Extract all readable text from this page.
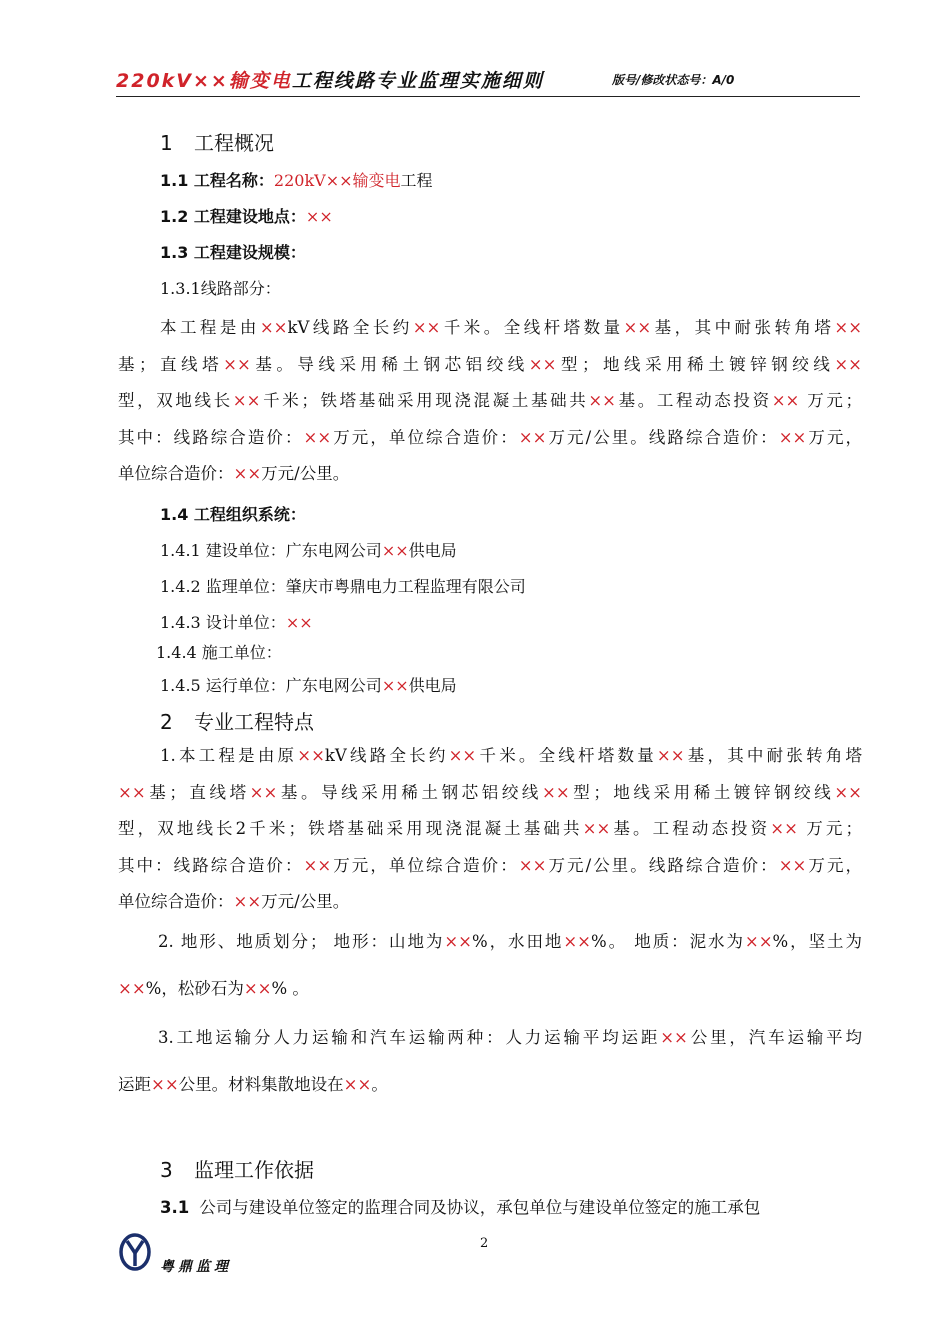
220kV××输变电工程线路专业监理实施细则	版号/修改状态号：A/0
1 工程概况
1.1 工程名称：220kV××输变电工程
1.2 工程建设地点：××
1.3 工程建设规模：
1.3.1线路部分：
本工程是由××kV线路全长约××千米。全线杆塔数量××基，其中耐张转角塔××
基；直线塔××基。导线采用稀土钢芯铝绞线××型；地线采用稀土镀锌钢绞线××
型，双地线长××千米；铁塔基础采用现浇混凝土基础共××基。工程动态投资×× 万元；
其中：线路综合造价：××万元，单位综合造价：××万元/公里。线路综合造价：××万元，
单位综合造价：××万元/公里。
1.4 工程组织系统：
1.4.1 建设单位：广东电网公司××供电局
1.4.2 监理单位：肇庆市粤鼎电力工程监理有限公司
1.4.3 设计单位：××
1.4.4 施工单位：
1.4.5 运行单位：广东电网公司××供电局
2 专业工程特点
1.本工程是由原××kV线路全长约××千米。全线杆塔数量××基，其中耐张转角塔
××基；直线塔××基。导线采用稀土钢芯铝绞线××型；地线采用稀土镀锌钢绞线××
型，双地线长2千米；铁塔基础采用现浇混凝土基础共××基。工程动态投资×× 万元；
其中：线路综合造价：××万元，单位综合造价：××万元/公里。线路综合造价：××万元，
单位综合造价：××万元/公里。
2. 地形、地质划分； 地形：山地为××%，水田地××%。 地质：泥水为××%，坚土为
××%，松砂石为××% 。
3.工地运输分人力运输和汽车运输两种：人力运输平均运距××公里，汽车运输平均
运距××公里。材料集散地设在××。
3 监理工作依据
3.1 公司与建设单位签定的监理合同及协议，承包单位与建设单位签定的施工承包
2
粤鼎监理
